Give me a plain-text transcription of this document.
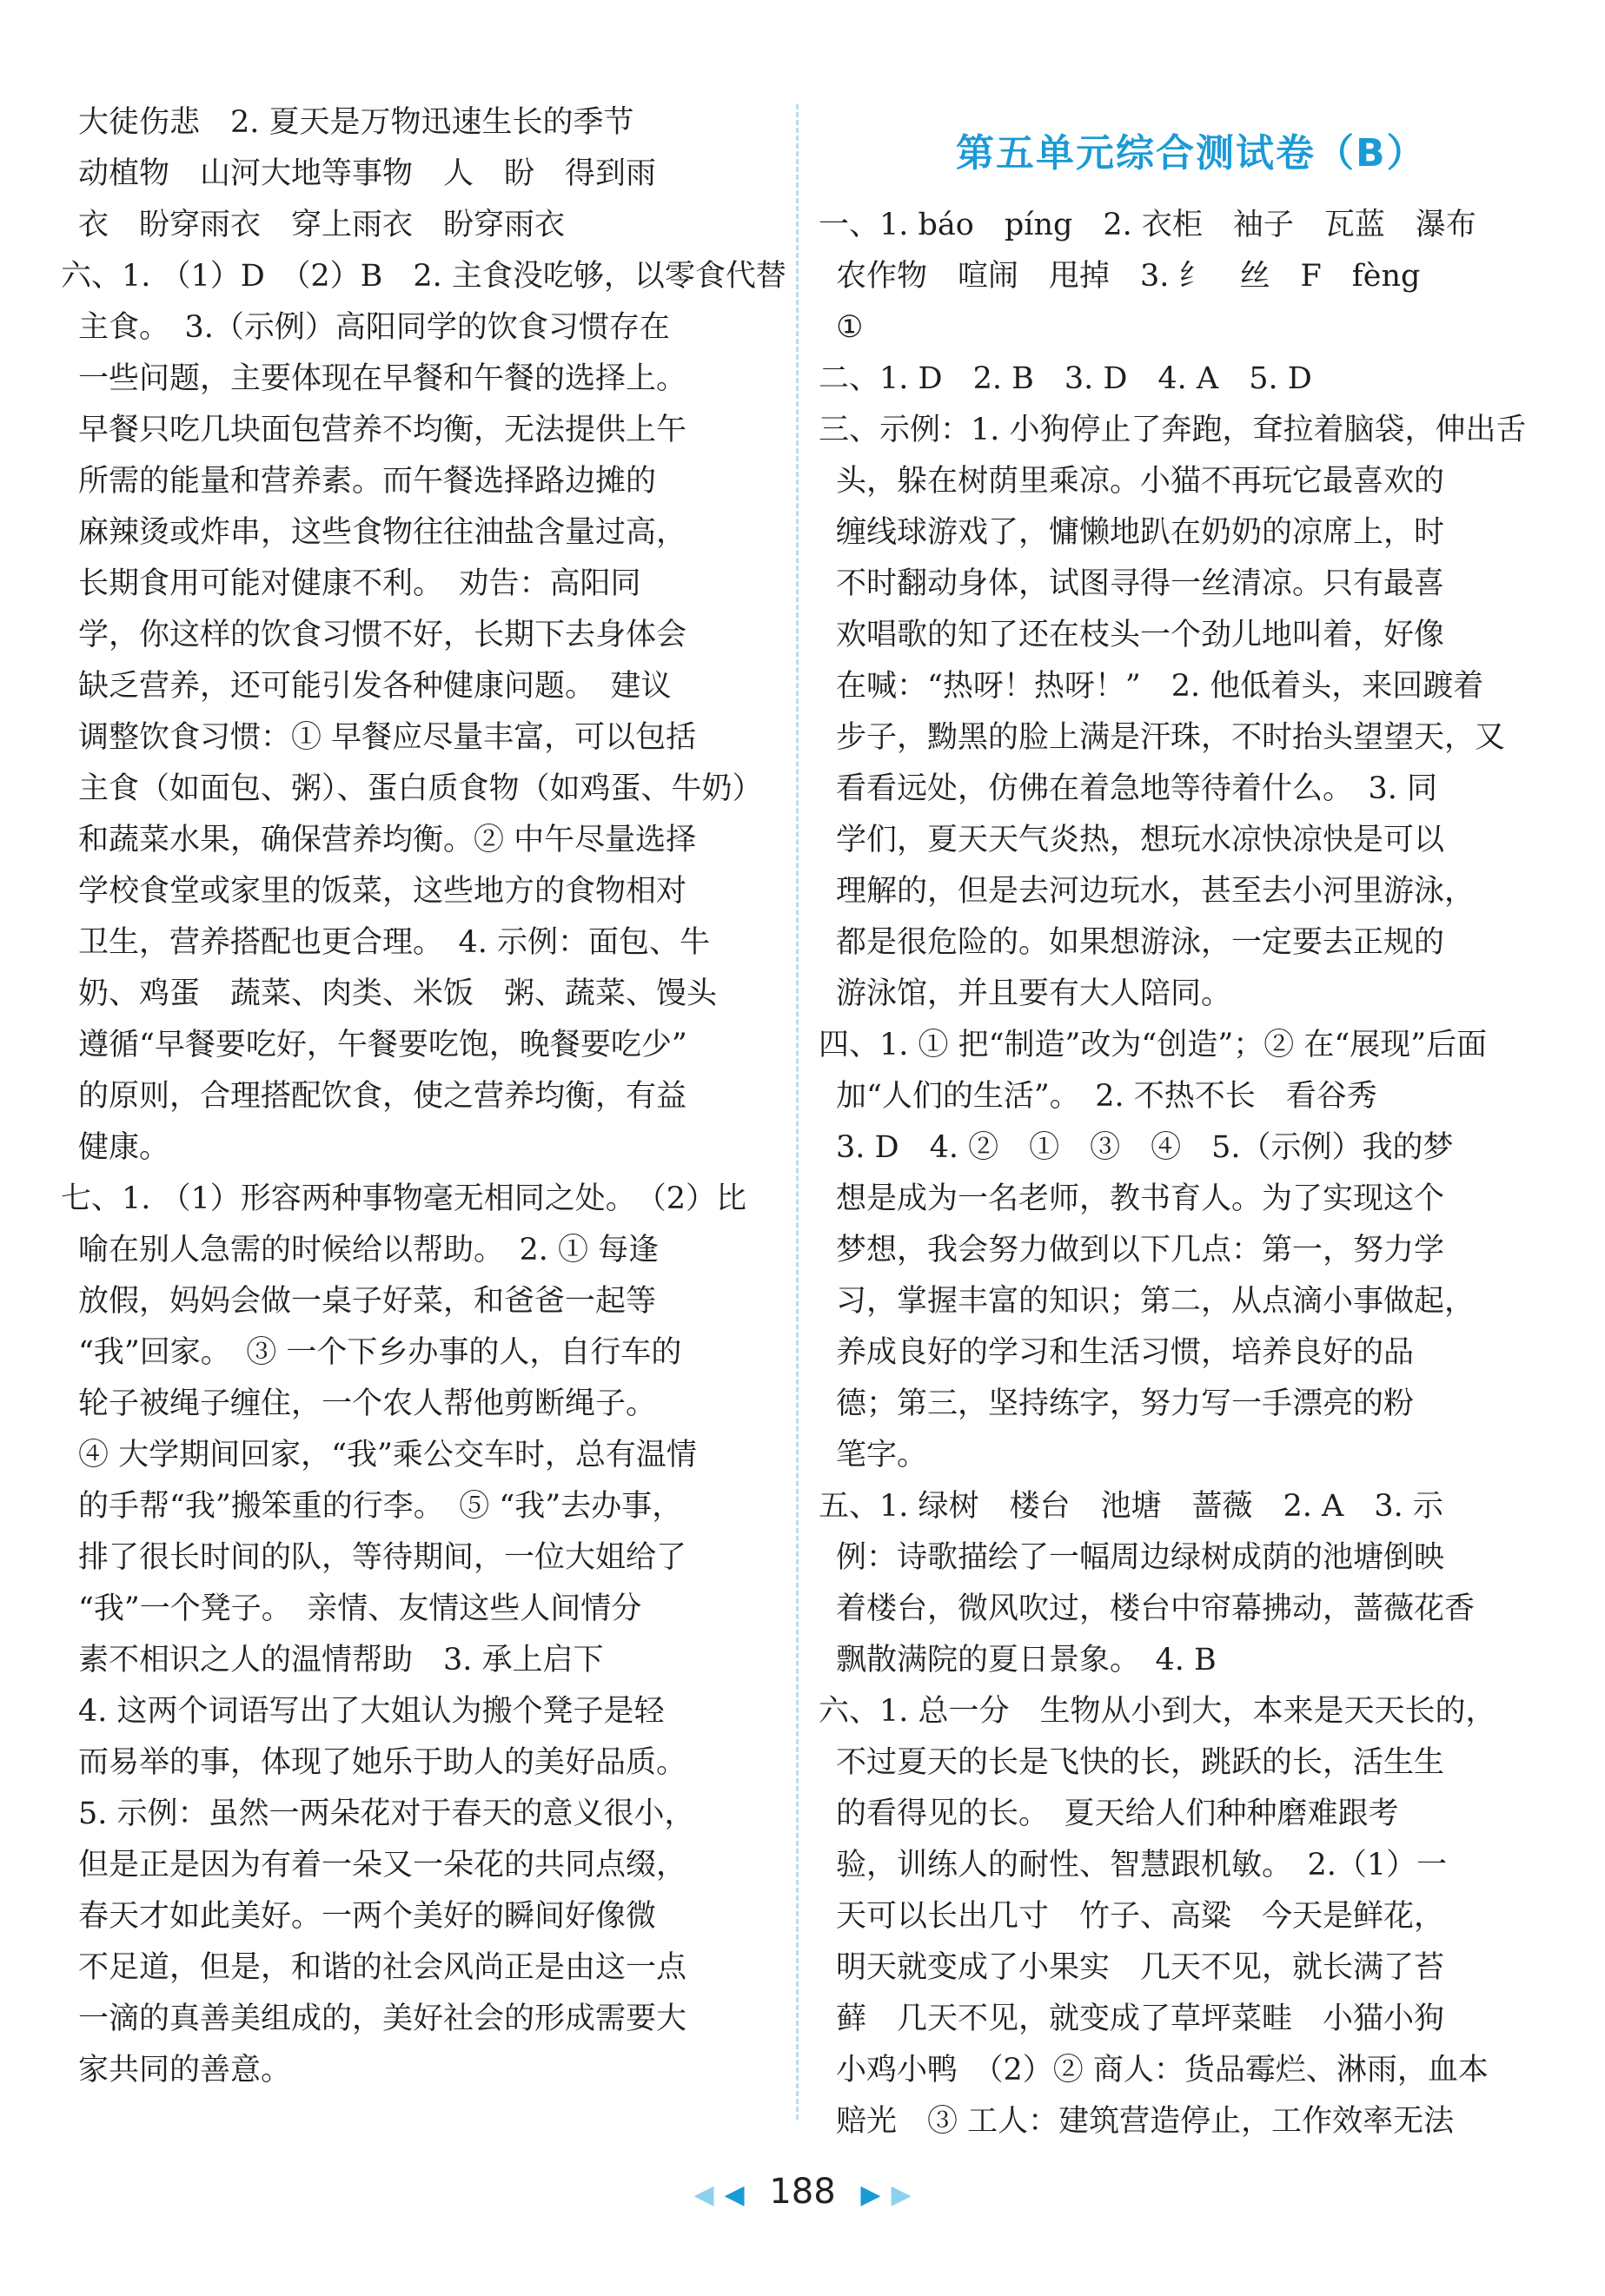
大徒伤悲　2. 夏天是万物迅速生长的季节
动植物　山河大地等事物　人　盼　得到雨
衣　盼穿雨衣　穿上雨衣　盼穿雨衣
六、1. （1）D　（2）B　2. 主食没吃够，以零食代替
主食。　3.（示例）高阳同学的饮食习惯存在
一些问题，主要体现在早餐和午餐的选择上。
早餐只吃几块面包营养不均衡，无法提供上午
所需的能量和营养素。而午餐选择路边摊的
麻辣烫或炸串，这些食物往往油盐含量过高，
长期食用可能对健康不利。　劝告：高阳同
学，你这样的饮食习惯不好，长期下去身体会
缺乏营养，还可能引发各种健康问题。　建议
调整饮食习惯：① 早餐应尽量丰富，可以包括
主食（如面包、粥）、蛋白质食物（如鸡蛋、牛奶）
和蔬菜水果，确保营养均衡。② 中午尽量选择
学校食堂或家里的饭菜，这些地方的食物相对
卫生，营养搭配也更合理。　4. 示例：面包、牛
奶、鸡蛋　蔬菜、肉类、米饭　粥、蔬菜、馒头
遵循“早餐要吃好，午餐要吃饱，晚餐要吃少”
的原则，合理搭配饮食，使之营养均衡，有益
健康。
七、1. （1）形容两种事物毫无相同之处。　（2）比
喻在别人急需的时候给以帮助。　2. ① 每逢
放假，妈妈会做一桌子好菜，和爸爸一起等
“我”回家。　③ 一个下乡办事的人，自行车的
轮子被绳子缠住，一个农人帮他剪断绳子。
④ 大学期间回家，“我”乘公交车时，总有温情
的手帮“我”搬笨重的行李。　⑤ “我”去办事，
排了很长时间的队，等待期间，一位大姐给了
“我”一个凳子。　亲情、友情这些人间情分
素不相识之人的温情帮助　3. 承上启下
4. 这两个词语写出了大姐认为搬个凳子是轻
而易举的事，体现了她乐于助人的美好品质。
5. 示例：虽然一两朵花对于春天的意义很小，
但是正是因为有着一朵又一朵花的共同点缀，
春天才如此美好。一两个美好的瞬间好像微
不足道，但是，和谐的社会风尚正是由这一点
一滴的真善美组成的，美好社会的形成需要大
家共同的善意。
第五单元综合测试卷（B）
一、1. báo　píng　2. 衣柜　袖子　瓦蓝　瀑布
农作物　喧闹　甩掉　3. 纟　丝　F　fèng
①
二、1. D　2. B　3. D　4. A　5. D
三、示例：1. 小狗停止了奔跑，耷拉着脑袋，伸出舌
头，躲在树荫里乘凉。小猫不再玩它最喜欢的
缠线球游戏了，慵懒地趴在奶奶的凉席上，时
不时翻动身体，试图寻得一丝清凉。只有最喜
欢唱歌的知了还在枝头一个劲儿地叫着，好像
在喊：“热呀！热呀！”　2. 他低着头，来回踱着
步子，黝黑的脸上满是汗珠，不时抬头望望天，又
看看远处，仿佛在着急地等待着什么。　3. 同
学们，夏天天气炎热，想玩水凉快凉快是可以
理解的，但是去河边玩水，甚至去小河里游泳，
都是很危险的。如果想游泳，一定要去正规的
游泳馆，并且要有大人陪同。
四、1. ① 把“制造”改为“创造”；② 在“展现”后面
加“人们的生活”。　2. 不热不长　看谷秀
3. D　4. ②　①　③　④　5.（示例）我的梦
想是成为一名老师，教书育人。为了实现这个
梦想，我会努力做到以下几点：第一，努力学
习，掌握丰富的知识；第二，从点滴小事做起，
养成良好的学习和生活习惯，培养良好的品
德；第三，坚持练字，努力写一手漂亮的粉
笔字。
五、1. 绿树　楼台　池塘　蔷薇　2. A　3. 示
例：诗歌描绘了一幅周边绿树成荫的池塘倒映
着楼台，微风吹过，楼台中帘幕拂动，蔷薇花香
飘散满院的夏日景象。　4. B
六、1. 总一分　生物从小到大，本来是天天长的，
不过夏天的长是飞快的长，跳跃的长，活生生
的看得见的长。　夏天给人们种种磨难跟考
验，训练人的耐性、智慧跟机敏。　2.（1）一
天可以长出几寸　竹子、高粱　今天是鲜花，
明天就变成了小果实　几天不见，就长满了苔
藓　几天不见，就变成了草坪菜畦　小猫小狗
小鸡小鸭　（2）② 商人：货品霉烂、淋雨，血本
赔光　③ 工人：建筑营造停止，工作效率无法
◀ ◀ 188 ▶ ▶
